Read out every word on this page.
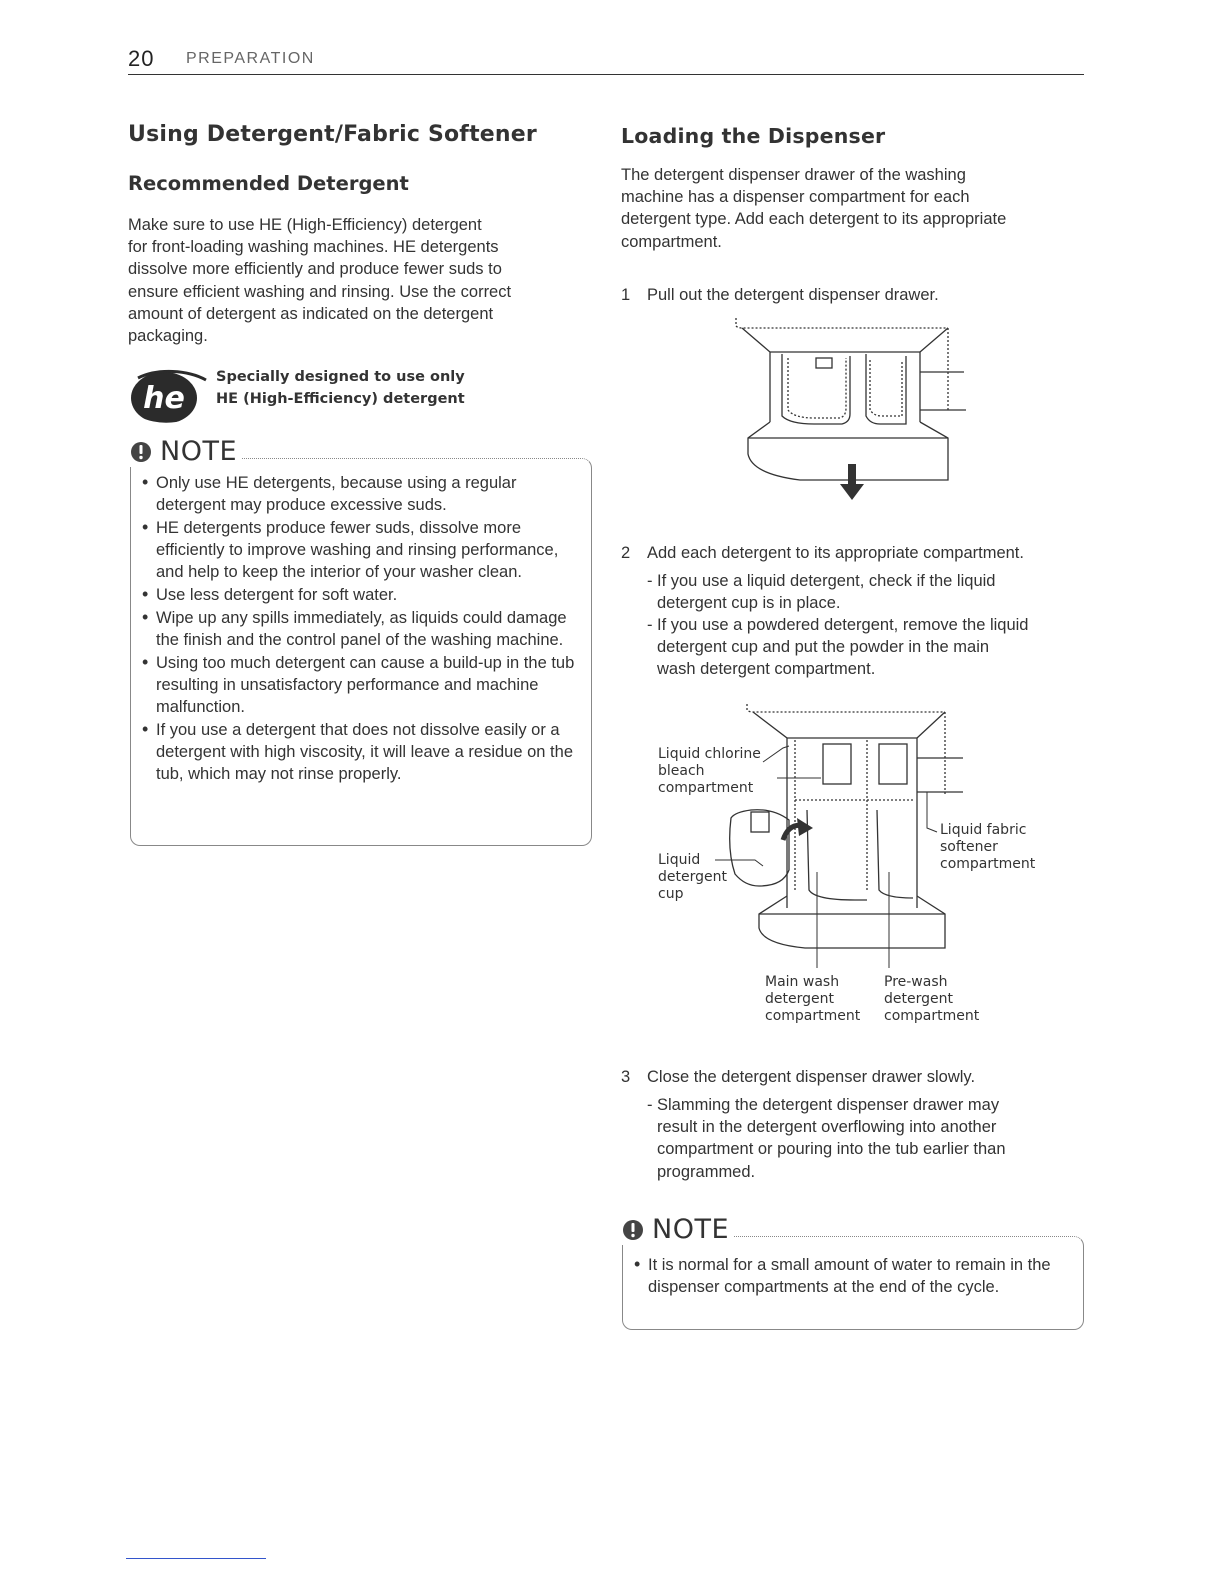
20 PREPARATION
Using Detergent/Fabric Softener
Recommended Detergent

Make sure to use HE (High-Efficiency) detergent

for front-loading washing machines. HE detergents

dissolve more efficiently and produce fewer suds to

ensure efficient washing and rinsing. Use the correct

amount of detergent as indicated on the detergent

packaging.

he
Specially designed to use only
HE (High-Efficiency) detergent
NOTE
• Only use HE detergents, because using a regular detergent may produce excessive suds.
• HE detergents produce fewer suds, dissolve more efficiently to improve washing and rinsing performance, and help to keep the interior of your washer clean.
• Use less detergent for soft water.
• Wipe up any spills immediately, as liquids could damage the finish and the control panel of the washing machine.
• Using too much detergent can cause a build-up in the tub resulting in unsatisfactory performance and machine malfunction.
• If you use a detergent that does not dissolve easily or a detergent with high viscosity, it will leave a residue on the tub, which may not rinse properly.
Loading the Dispenser

The detergent dispenser drawer of the washing

machine has a dispenser compartment for each

detergent type. Add each detergent to its appropriate

compartment.

1 Pull out the detergent dispenser drawer.
2 Add each detergent to its appropriate compartment.
- If you use a liquid detergent, check if the liquid
detergent cup is in place.
- If you use a powdered detergent, remove the liquid
detergent cup and put the powder in the main
wash detergent compartment.
Liquid chlorine
bleach
compartment
Liquid
detergent
cup
Liquid fabric
softener
compartment
Main wash
detergent
compartment
Pre-wash
detergent
compartment
3 Close the detergent dispenser drawer slowly.
- Slamming the detergent dispenser drawer may
result in the detergent overflowing into another
compartment or pouring into the tub earlier than
programmed.
NOTE
• It is normal for a small amount of water to remain in the dispenser compartments at the end of the cycle.
